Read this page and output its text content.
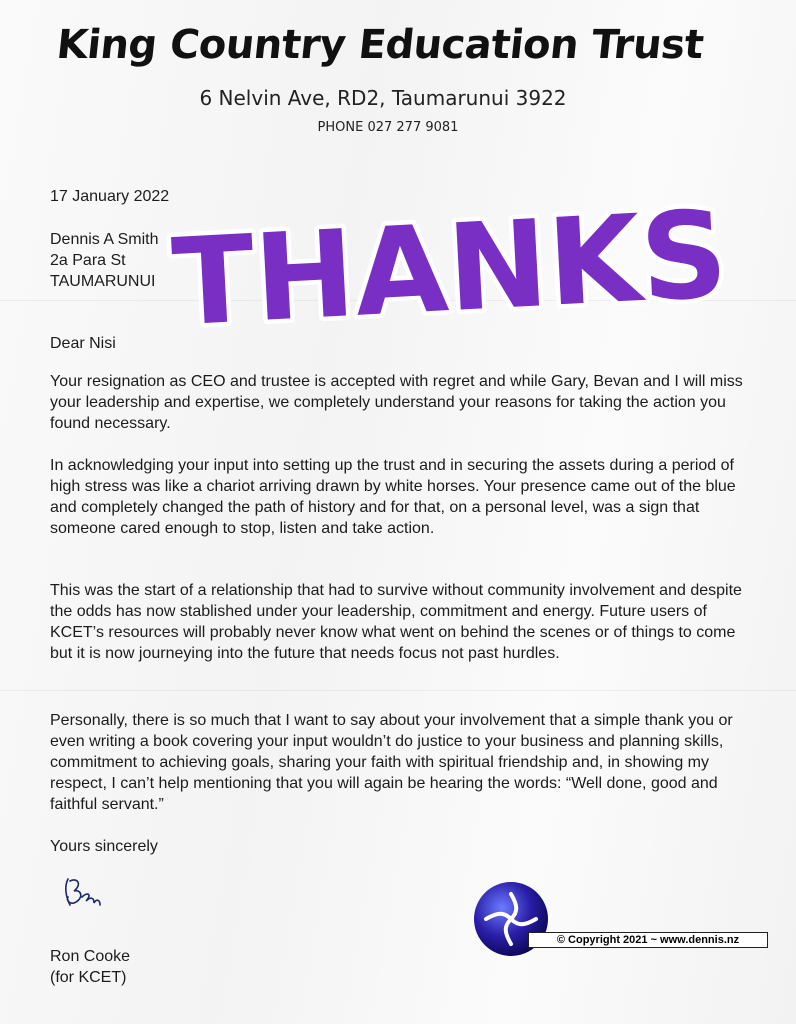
King Country Education Trust
6 Nelvin Ave, RD2, Taumarunui 3922
PHONE 027 277 9081
17 January 2022
Dennis A Smith
2a Para St
TAUMARUNUI
Dear Nisi
Your resignation as CEO and trustee is accepted with regret and while Gary, Bevan and I will miss your leadership and expertise, we completely understand your reasons for taking the action you found necessary.
In acknowledging your input into setting up the trust and in securing the assets during a period of high stress was like a chariot arriving drawn by white horses. Your presence came out of the blue and completely changed the path of history and for that, on a personal level, was a sign that someone cared enough to stop, listen and take action.
This was the start of a relationship that had to survive without community involvement and despite the odds has now stablished under your leadership, commitment and energy. Future users of KCET’s resources will probably never know what went on behind the scenes or of things to come but it is now journeying into the future that needs focus not past hurdles.
Personally, there is so much that I want to say about your involvement that a simple thank you or even writing a book covering your input wouldn’t do justice to your business and planning skills, commitment to achieving goals, sharing your faith with spiritual friendship and, in showing my respect, I can’t help mentioning that you will again be hearing the words: “Well done, good and faithful servant.”
Yours sincerely
Ron Cooke
(for KCET)
THANKS
© Copyright 2021 ~ www.dennis.nz
